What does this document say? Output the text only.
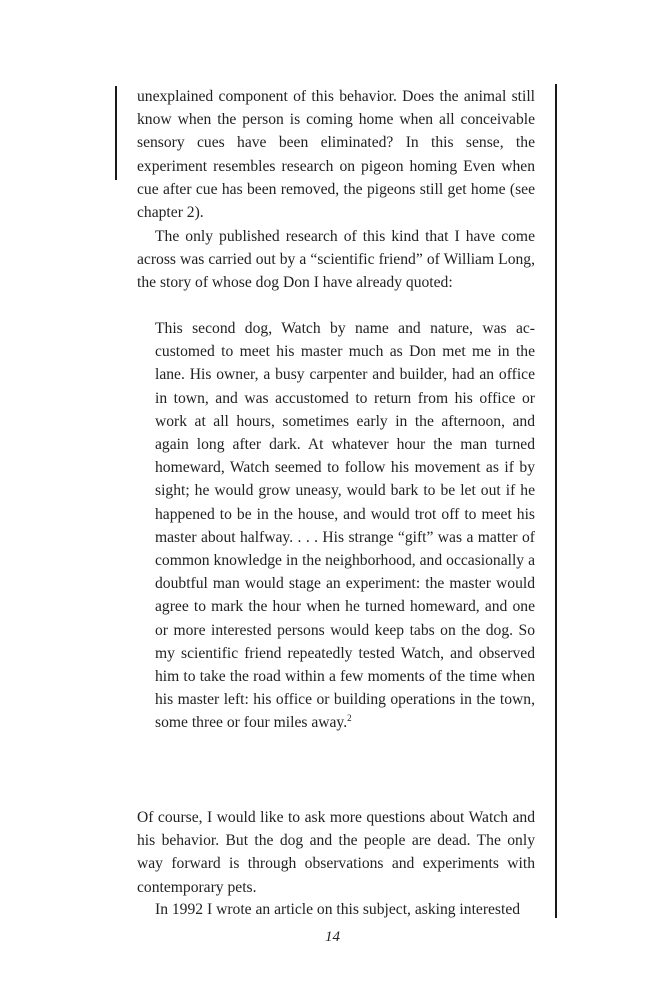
unexplained component of this behavior. Does the animal still know when the person is coming home when all conceivable sensory cues have been eliminated? In this sense, the experiment resembles research on pigeon homing Even when cue after cue has been removed, the pigeons still get home (see chapter 2).

The only published research of this kind that I have come across was carried out by a “scientific friend” of William Long, the story of whose dog Don I have already quoted:

This second dog, Watch by name and nature, was accustomed to meet his master much as Don met me in the lane. His owner, a busy carpenter and builder, had an office in town, and was accustomed to return from his office or work at all hours, sometimes early in the afternoon, and again long after dark. At whatever hour the man turned homeward, Watch seemed to follow his movement as if by sight; he would grow uneasy, would bark to be let out if he happened to be in the house, and would trot off to meet his master about halfway. . . . His strange “gift” was a matter of common knowledge in the neighborhood, and occasionally a doubtful man would stage an experiment: the master would agree to mark the hour when he turned homeward, and one or more interested persons would keep tabs on the dog. So my scientific friend repeatedly tested Watch, and observed him to take the road within a few moments of the time when his master left: his office or building operations in the town, some three or four miles away.$^2$

Of course, I would like to ask more questions about Watch and his behavior. But the dog and the people are dead. The only way forward is through observations and experiments with contemporary pets.

In 1992 I wrote an article on this subject, asking interested

14
